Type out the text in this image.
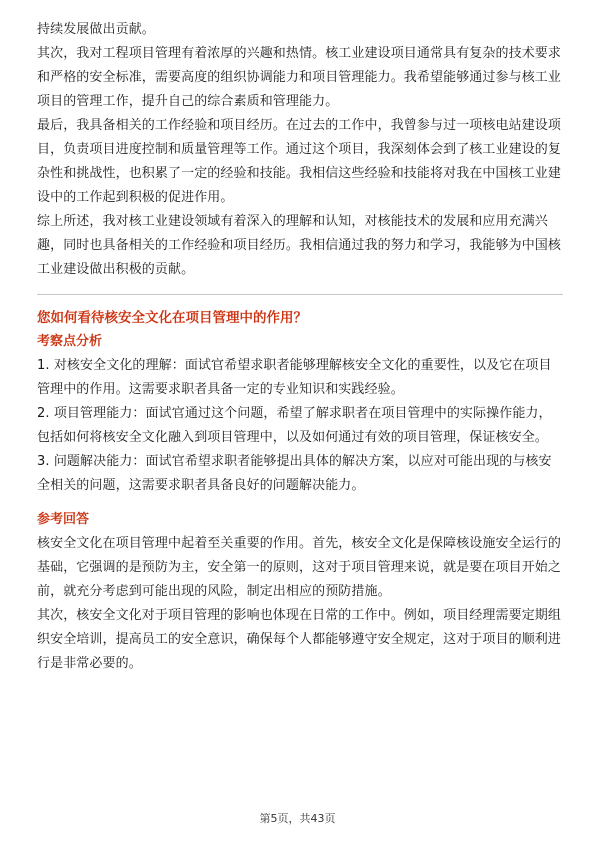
持续发展做出贡献。

其次，我对工程项目管理有着浓厚的兴趣和热情。核工业建设项目通常具有复杂的技术要求和严格的安全标准，需要高度的组织协调能力和项目管理能力。我希望能够通过参与核工业项目的管理工作，提升自己的综合素质和管理能力。

最后，我具备相关的工作经验和项目经历。在过去的工作中，我曾参与过一项核电站建设项目，负责项目进度控制和质量管理等工作。通过这个项目，我深刻体会到了核工业建设的复杂性和挑战性，也积累了一定的经验和技能。我相信这些经验和技能将对我在中国核工业建设中的工作起到积极的促进作用。

综上所述，我对核工业建设领域有着深入的理解和认知，对核能技术的发展和应用充满兴趣，同时也具备相关的工作经验和项目经历。我相信通过我的努力和学习，我能够为中国核工业建设做出积极的贡献。

您如何看待核安全文化在项目管理中的作用？

考察点分析

1. 对核安全文化的理解：面试官希望求职者能够理解核安全文化的重要性，以及它在项目管理中的作用。这需要求职者具备一定的专业知识和实践经验。

2. 项目管理能力：面试官通过这个问题，希望了解求职者在项目管理中的实际操作能力，包括如何将核安全文化融入到项目管理中，以及如何通过有效的项目管理，保证核安全。

3. 问题解决能力：面试官希望求职者能够提出具体的解决方案，以应对可能出现的与核安全相关的问题，这需要求职者具备良好的问题解决能力。

参考回答

核安全文化在项目管理中起着至关重要的作用。首先，核安全文化是保障核设施安全运行的基础，它强调的是预防为主，安全第一的原则，这对于项目管理来说，就是要在项目开始之前，就充分考虑到可能出现的风险，制定出相应的预防措施。

其次，核安全文化对于项目管理的影响也体现在日常的工作中。例如，项目经理需要定期组织安全培训，提高员工的安全意识，确保每个人都能够遵守安全规定，这对于项目的顺利进行是非常必要的。

第5页，共43页
